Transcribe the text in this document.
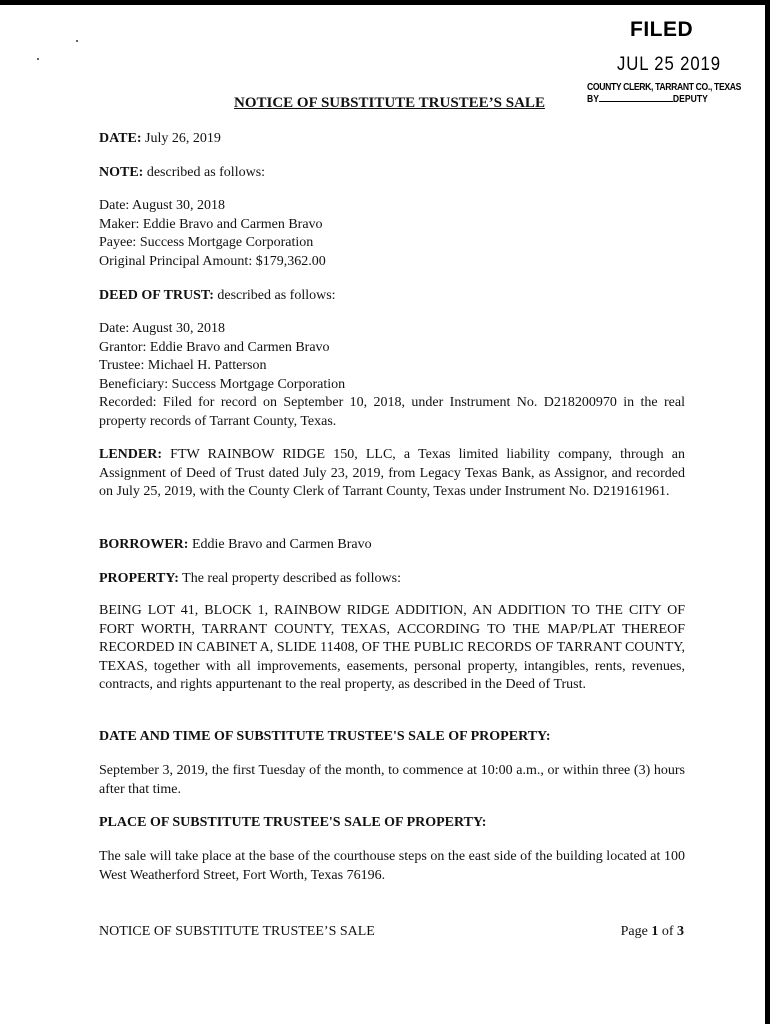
FILED
JUL 25 2019
COUNTY CLERK, TARRANT CO., TEXAS
BY	DEPUTY
NOTICE OF SUBSTITUTE TRUSTEE’S SALE
DATE: July 26, 2019
NOTE: described as follows:
Date: August 30, 2018
Maker: Eddie Bravo and Carmen Bravo
Payee: Success Mortgage Corporation
Original Principal Amount: $179,362.00
DEED OF TRUST: described as follows:
Date: August 30, 2018
Grantor: Eddie Bravo and Carmen Bravo
Trustee: Michael H. Patterson
Beneficiary: Success Mortgage Corporation
Recorded: Filed for record on September 10, 2018, under Instrument No. D218200970 in the real property records of Tarrant County, Texas.
LENDER: FTW RAINBOW RIDGE 150, LLC, a Texas limited liability company, through an Assignment of Deed of Trust dated July 23, 2019, from Legacy Texas Bank, as Assignor, and recorded on July 25, 2019, with the County Clerk of Tarrant County, Texas under Instrument No. D219161961.
BORROWER: Eddie Bravo and Carmen Bravo
PROPERTY: The real property described as follows:
BEING LOT 41, BLOCK 1, RAINBOW RIDGE ADDITION, AN ADDITION TO THE CITY OF FORT WORTH, TARRANT COUNTY, TEXAS, ACCORDING TO THE MAP/PLAT THEREOF RECORDED IN CABINET A, SLIDE 11408, OF THE PUBLIC RECORDS OF TARRANT COUNTY, TEXAS, together with all improvements, easements, personal property, intangibles, rents, revenues, contracts, and rights appurtenant to the real property, as described in the Deed of Trust.
DATE AND TIME OF SUBSTITUTE TRUSTEE'S SALE OF PROPERTY:
September 3, 2019, the first Tuesday of the month, to commence at 10:00 a.m., or within three (3) hours after that time.
PLACE OF SUBSTITUTE TRUSTEE'S SALE OF PROPERTY:
The sale will take place at the base of the courthouse steps on the east side of the building located at 100 West Weatherford Street, Fort Worth, Texas 76196.
NOTICE OF SUBSTITUTE TRUSTEE’S SALE	Page 1 of 3
